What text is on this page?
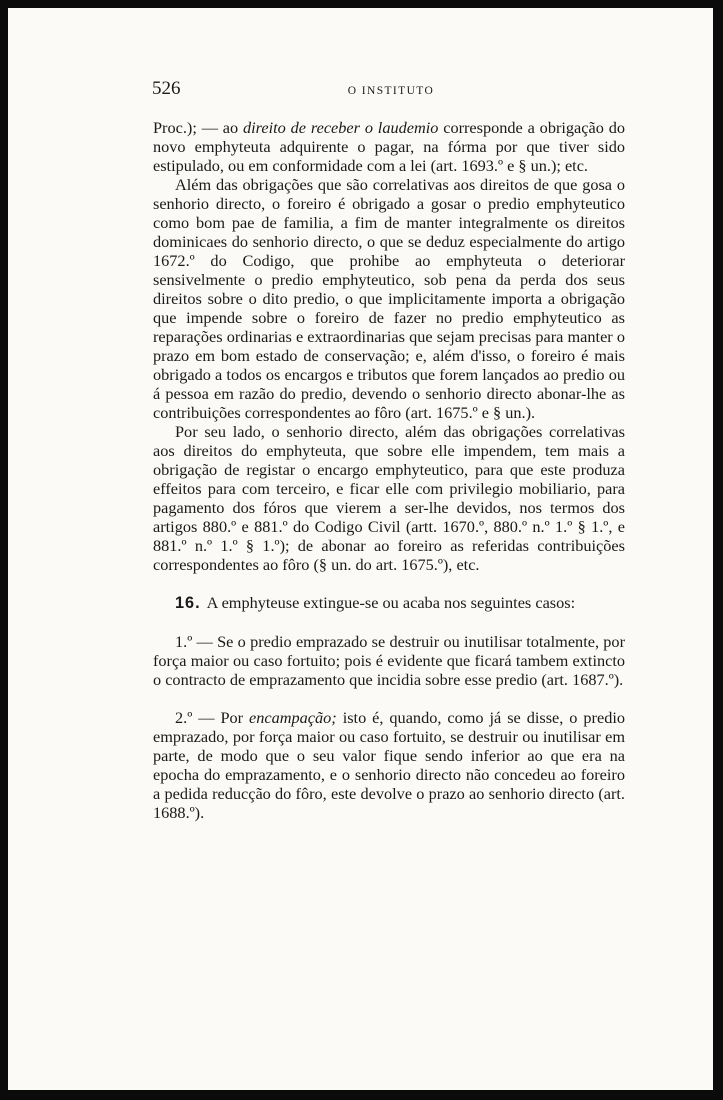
526	O INSTITUTO

Proc.); — ao direito de receber o laudemio corresponde a obrigação do novo emphyteuta adquirente o pagar, na fórma por que tiver sido estipulado, ou em conformidade com a lei (art. 1693.º e § un.); etc.

Além das obrigações que são correlativas aos direitos de que gosa o senhorio directo, o foreiro é obrigado a gosar o predio emphyteutico como bom pae de familia, a fim de manter integralmente os direitos dominicaes do senhorio directo, o que se deduz especialmente do artigo 1672.º do Codigo, que prohibe ao emphyteuta o deteriorar sensivelmente o predio emphyteutico, sob pena da perda dos seus direitos sobre o dito predio, o que implicitamente importa a obrigação que impende sobre o foreiro de fazer no predio emphyteutico as reparações ordinarias e extraordinarias que sejam precisas para manter o prazo em bom estado de conservação; e, além d'isso, o foreiro é mais obrigado a todos os encargos e tributos que forem lançados ao predio ou á pessoa em razão do predio, devendo o senhorio directo abonar-lhe as contribuições correspondentes ao fôro (art. 1675.º e § un.).

Por seu lado, o senhorio directo, além das obrigações correlativas aos direitos do emphyteuta, que sobre elle impendem, tem mais a obrigação de registar o encargo emphyteutico, para que este produza effeitos para com terceiro, e ficar elle com privilegio mobiliario, para pagamento dos fóros que vierem a ser-lhe devidos, nos termos dos artigos 880.º e 881.º do Codigo Civil (artt. 1670.º, 880.º n.º 1.º § 1.º, e 881.º n.º 1.º § 1.º); de abonar ao foreiro as referidas contribuições correspondentes ao fôro (§ un. do art. 1675.º), etc.

16. A emphyteuse extingue-se ou acaba nos seguintes casos:

1.º — Se o predio emprazado se destruir ou inutilisar totalmente, por força maior ou caso fortuito; pois é evidente que ficará tambem extincto o contracto de emprazamento que incidia sobre esse predio (art. 1687.º).

2.º — Por encampação; isto é, quando, como já se disse, o predio emprazado, por força maior ou caso fortuito, se destruir ou inutilisar em parte, de modo que o seu valor fique sendo inferior ao que era na epocha do emprazamento, e o senhorio directo não concedeu ao foreiro a pedida reducção do fôro, este devolve o prazo ao senhorio directo (art. 1688.º).
